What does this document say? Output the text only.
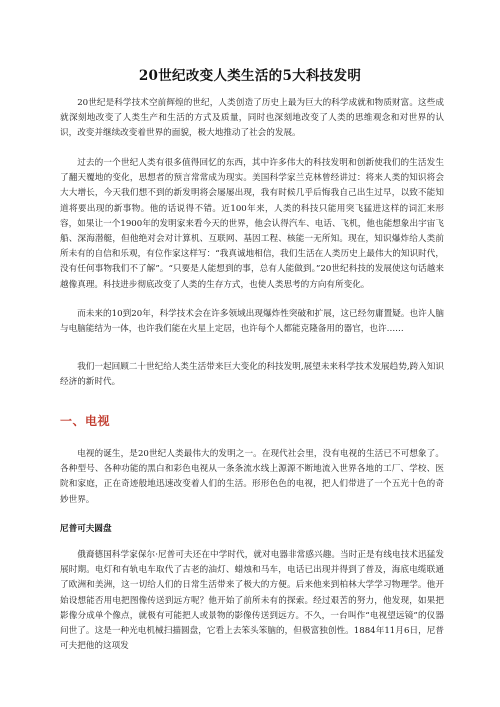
20世纪改变人类生活的5大科技发明

20世纪是科学技术空前辉煌的世纪，人类创造了历史上最为巨大的科学成就和物质财富。这些成就深刻地改变了人类生产和生活的方式及质量，同时也深刻地改变了人类的思维观念和对世界的认识，改变并继续改变着世界的面貌，极大地推动了社会的发展。

过去的一个世纪人类有很多值得回忆的东西，其中许多伟大的科技发明和创新使我们的生活发生了翻天覆地的变化，思想者的预言常常成为现实。美国科学家兰克林曾经讲过：将来人类的知识将会大大增长，今天我们想不到的新发明将会屡屡出现，我有时候几乎后悔我自己出生过早，以致不能知道将要出现的新事物。他的话说得不错。近100年来，人类的科技只能用突飞猛进这样的词汇来形容，如果让一个1900年的发明家来看今天的世界，他会认得汽车、电话、飞机，他也能想象出宇宙飞船、深海潜艇，但他绝对会对计算机、互联网、基因工程、核能一无所知。现在，知识爆炸给人类前所未有的自信和乐观，有位作家这样写：“我真诚地相信，我们生活在人类历史上最伟大的知识时代，没有任何事物我们不了解”。“只要是人能想到的事，总有人能做到。”20世纪科技的发展使这句话越来越像真理。科技进步彻底改变了人类的生存方式，也使人类思考的方向有所变化。

而未来的10到20年，科学技术会在许多领域出现爆炸性突破和扩展，这已经勿庸置疑。也许人脑与电脑能结为一体，也许我们能在火星上定居，也许每个人都能克隆备用的器官，也许……

我们一起回顾二十世纪给人类生活带来巨大变化的科技发明,展望未来科学技术发展趋势,跨入知识经济的新时代。

一、电视

电视的诞生，是20世纪人类最伟大的发明之一。在现代社会里，没有电视的生活已不可想象了。各种型号、各种功能的黑白和彩色电视从一条条流水线上源源不断地流入世界各地的工厂、学校、医院和家庭，正在奇迹般地迅速改变着人们的生活。形形色色的电视，把人们带进了一个五光十色的奇妙世界。

尼普可夫圆盘

俄裔德国科学家保尔·尼普可夫还在中学时代，就对电器非常感兴趣。当时正是有线电技术迅猛发展时期。电灯和有轨电车取代了古老的油灯、蜡烛和马车，电话已出现并得到了普及，海底电缆联通了欧洲和美洲，这一切给人们的日常生活带来了极大的方便。后来他来到柏林大学学习物理学。他开始设想能否用电把图像传送到远方呢？他开始了前所未有的探索。经过艰苦的努力，他发现，如果把影像分成单个像点，就极有可能把人或景物的影像传送到远方。不久，一台叫作“电视望远镜”的仪器问世了。这是一种光电机械扫描圆盘，它看上去笨头笨脑的，但极富独创性。1884年11月6日，尼普可夫把他的这项发
